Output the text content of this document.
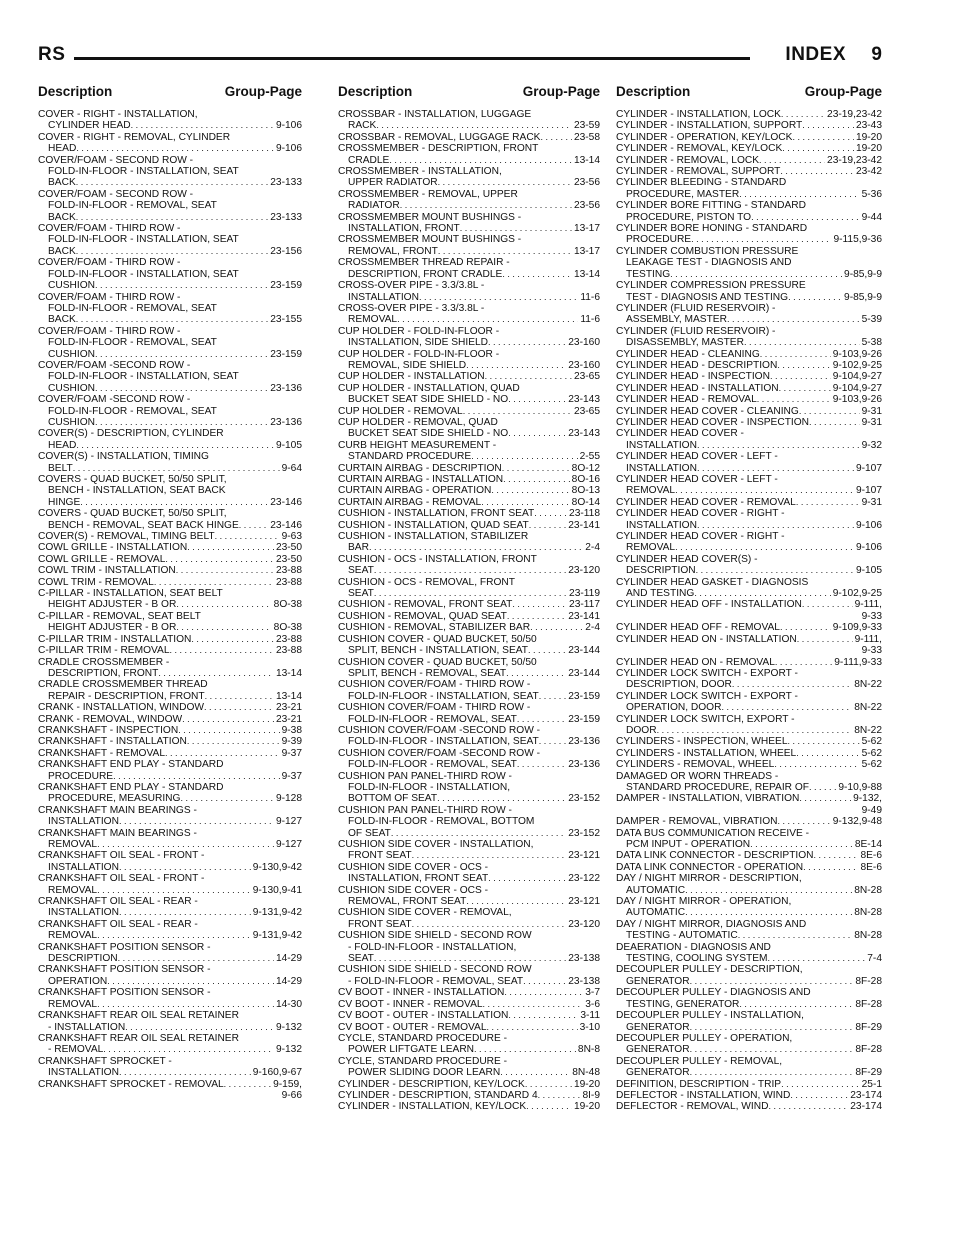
RS	INDEX 9
Description	Group-Page
COVER - RIGHT - INSTALLATION,
CYLINDER HEAD . . .	9-106
COVER - RIGHT - REMOVAL, CYLINDER
HEAD . . .	9-106
COVER/FOAM - SECOND ROW -
FOLD-IN-FLOOR - INSTALLATION, SEAT
BACK . . .	23-133
COVER/FOAM - SECOND ROW -
FOLD-IN-FLOOR - REMOVAL, SEAT
BACK . . .	23-133
COVER/FOAM - THIRD ROW -
FOLD-IN-FLOOR - INSTALLATION, SEAT
BACK . . .	23-156
COVER/FOAM - THIRD ROW -
FOLD-IN-FLOOR - INSTALLATION, SEAT
CUSHION . . .	23-159
COVER/FOAM - THIRD ROW -
FOLD-IN-FLOOR - REMOVAL, SEAT
BACK . . .	23-155
COVER/FOAM - THIRD ROW -
FOLD-IN-FLOOR - REMOVAL, SEAT
CUSHION . . .	23-159
COVER/FOAM -SECOND ROW -
FOLD-IN-FLOOR - INSTALLATION, SEAT
CUSHION . . .	23-136
COVER/FOAM -SECOND ROW -
FOLD-IN-FLOOR - REMOVAL, SEAT
CUSHION . . .	23-136
COVER(S) - DESCRIPTION, CYLINDER
HEAD . . .	9-105
COVER(S) - INSTALLATION, TIMING
BELT . . .	9-64
COVERS - QUAD BUCKET, 50/50 SPLIT,
BENCH - INSTALLATION, SEAT BACK
HINGE . . .	23-146
COVERS - QUAD BUCKET, 50/50 SPLIT,
BENCH - REMOVAL, SEAT BACK HINGE . . .	23-146
COVER(S) - REMOVAL, TIMING BELT . . .	9-63
COWL GRILLE - INSTALLATION . . .	23-50
COWL GRILLE - REMOVAL . . .	23-50
COWL TRIM - INSTALLATION . . .	23-88
COWL TRIM - REMOVAL . . .	23-88
C-PILLAR - INSTALLATION, SEAT BELT
HEIGHT ADJUSTER - B OR . . .	8O-38
C-PILLAR - REMOVAL, SEAT BELT
HEIGHT ADJUSTER - B OR . . .	8O-38
C-PILLAR TRIM - INSTALLATION . . .	23-88
C-PILLAR TRIM - REMOVAL . . .	23-88
CRADLE CROSSMEMBER -
DESCRIPTION, FRONT . . .	13-14
CRADLE CROSSMEMBER THREAD
REPAIR - DESCRIPTION, FRONT . . .	13-14
CRANK - INSTALLATION, WINDOW . . .	23-21
CRANK - REMOVAL, WINDOW . . .	23-21
CRANKSHAFT - INSPECTION . . .	9-38
CRANKSHAFT - INSTALLATION . . .	9-39
CRANKSHAFT - REMOVAL . . .	9-37
CRANKSHAFT END PLAY - STANDARD
PROCEDURE . . .	9-37
CRANKSHAFT END PLAY - STANDARD
PROCEDURE, MEASURING . . .	9-128
CRANKSHAFT MAIN BEARINGS -
INSTALLATION . . .	9-127
CRANKSHAFT MAIN BEARINGS -
REMOVAL . . .	9-127
CRANKSHAFT OIL SEAL - FRONT -
INSTALLATION . . .	9-130,9-42
CRANKSHAFT OIL SEAL - FRONT -
REMOVAL . . .	9-130,9-41
CRANKSHAFT OIL SEAL - REAR -
INSTALLATION . . .	9-131,9-42
CRANKSHAFT OIL SEAL - REAR -
REMOVAL . . .	9-131,9-42
CRANKSHAFT POSITION SENSOR -
DESCRIPTION . . .	14-29
CRANKSHAFT POSITION SENSOR -
OPERATION . . .	14-29
CRANKSHAFT POSITION SENSOR -
REMOVAL . . .	14-30
CRANKSHAFT REAR OIL SEAL RETAINER
- INSTALLATION . . .	9-132
CRANKSHAFT REAR OIL SEAL RETAINER
- REMOVAL . . .	9-132
CRANKSHAFT SPROCKET -
INSTALLATION . . .	9-160,9-67
CRANKSHAFT SPROCKET - REMOVAL . . .	9-159,
9-66
Description	Group-Page
CROSSBAR - INSTALLATION, LUGGAGE
RACK . . .	23-59
CROSSBAR - REMOVAL, LUGGAGE RACK . . .	23-58
CROSSMEMBER - DESCRIPTION, FRONT
CRADLE . . .	13-14
CROSSMEMBER - INSTALLATION,
UPPER RADIATOR . . .	23-56
CROSSMEMBER - REMOVAL, UPPER
RADIATOR . . .	23-56
CROSSMEMBER MOUNT BUSHINGS -
INSTALLATION, FRONT . . .	13-17
CROSSMEMBER MOUNT BUSHINGS -
REMOVAL, FRONT . . .	13-17
CROSSMEMBER THREAD REPAIR -
DESCRIPTION, FRONT CRADLE . . .	13-14
CROSS-OVER PIPE - 3.3/3.8L -
INSTALLATION . . .	11-6
CROSS-OVER PIPE - 3.3/3.8L -
REMOVAL . . .	11-6
CUP HOLDER - FOLD-IN-FLOOR -
INSTALLATION, SIDE SHIELD . . .	23-160
CUP HOLDER - FOLD-IN-FLOOR -
REMOVAL, SIDE SHIELD . . .	23-160
CUP HOLDER - INSTALLATION . . .	23-65
CUP HOLDER - INSTALLATION, QUAD
BUCKET SEAT SIDE SHIELD - NO . . .	23-143
CUP HOLDER - REMOVAL . . .	23-65
CUP HOLDER - REMOVAL, QUAD
BUCKET SEAT SIDE SHIELD - NO . . .	23-143
CURB HEIGHT MEASUREMENT -
STANDARD PROCEDURE . . .	2-55
CURTAIN AIRBAG - DESCRIPTION . . .	8O-12
CURTAIN AIRBAG - INSTALLATION . . .	8O-16
CURTAIN AIRBAG - OPERATION . . .	8O-13
CURTAIN AIRBAG - REMOVAL . . .	8O-14
CUSHION - INSTALLATION, FRONT SEAT . . .	23-118
CUSHION - INSTALLATION, QUAD SEAT . . .	23-141
CUSHION - INSTALLATION, STABILIZER
BAR . . .	2-4
CUSHION - OCS - INSTALLATION, FRONT
SEAT . . .	23-120
CUSHION - OCS - REMOVAL, FRONT
SEAT . . .	23-119
CUSHION - REMOVAL, FRONT SEAT . . .	23-117
CUSHION - REMOVAL, QUAD SEAT . . .	23-141
CUSHION - REMOVAL, STABILIZER BAR . . .	2-4
CUSHION COVER - QUAD BUCKET, 50/50
SPLIT, BENCH - INSTALLATION, SEAT . . .	23-144
CUSHION COVER - QUAD BUCKET, 50/50
SPLIT, BENCH - REMOVAL, SEAT . . .	23-144
CUSHION COVER/FOAM - THIRD ROW -
FOLD-IN-FLOOR - INSTALLATION, SEAT . . .	23-159
CUSHION COVER/FOAM - THIRD ROW -
FOLD-IN-FLOOR - REMOVAL, SEAT . . .	23-159
CUSHION COVER/FOAM -SECOND ROW -
FOLD-IN-FLOOR - INSTALLATION, SEAT . . .	23-136
CUSHION COVER/FOAM -SECOND ROW -
FOLD-IN-FLOOR - REMOVAL, SEAT . . .	23-136
CUSHION PAN PANEL-THIRD ROW -
FOLD-IN-FLOOR - INSTALLATION,
BOTTOM OF SEAT . . .	23-152
CUSHION PAN PANEL-THIRD ROW -
FOLD-IN-FLOOR - REMOVAL, BOTTOM
OF SEAT . . .	23-152
CUSHION SIDE COVER - INSTALLATION,
FRONT SEAT . . .	23-121
CUSHION SIDE COVER - OCS -
INSTALLATION, FRONT SEAT . . .	23-122
CUSHION SIDE COVER - OCS -
REMOVAL, FRONT SEAT . . .	23-121
CUSHION SIDE COVER - REMOVAL,
FRONT SEAT . . .	23-120
CUSHION SIDE SHIELD - SECOND ROW
- FOLD-IN-FLOOR - INSTALLATION,
SEAT . . .	23-138
CUSHION SIDE SHIELD - SECOND ROW
- FOLD-IN-FLOOR - REMOVAL, SEAT . . .	23-138
CV BOOT - INNER - INSTALLATION . . .	3-7
CV BOOT - INNER - REMOVAL . . .	3-6
CV BOOT - OUTER - INSTALLATION . . .	3-11
CV BOOT - OUTER - REMOVAL . . .	3-10
CYCLE, STANDARD PROCEDURE -
POWER LIFTGATE LEARN . . .	8N-8
CYCLE, STANDARD PROCEDURE -
POWER SLIDING DOOR LEARN . . .	8N-48
CYLINDER - DESCRIPTION, KEY/LOCK . . .	19-20
CYLINDER - DESCRIPTION, STANDARD 4 . . .	8I-9
CYLINDER - INSTALLATION, KEY/LOCK . . .	19-20
Description	Group-Page
CYLINDER - INSTALLATION, LOCK . . .	23-19,23-42
CYLINDER - INSTALLATION, SUPPORT . . .	23-43
CYLINDER - OPERATION, KEY/LOCK . . .	19-20
CYLINDER - REMOVAL, KEY/LOCK . . .	19-20
CYLINDER - REMOVAL, LOCK . . .	23-19,23-42
CYLINDER - REMOVAL, SUPPORT . . .	23-42
CYLINDER BLEEDING - STANDARD
PROCEDURE, MASTER . . .	5-36
CYLINDER BORE FITTING - STANDARD
PROCEDURE, PISTON TO . . .	9-44
CYLINDER BORE HONING - STANDARD
PROCEDURE . . .	9-115,9-36
CYLINDER COMBUSTION PRESSURE
LEAKAGE TEST - DIAGNOSIS AND
TESTING . . .	9-85,9-9
CYLINDER COMPRESSION PRESSURE
TEST - DIAGNOSIS AND TESTING . . .	9-85,9-9
CYLINDER (FLUID RESERVOIR) -
ASSEMBLY, MASTER . . .	5-39
CYLINDER (FLUID RESERVOIR) -
DISASSEMBLY, MASTER . . .	5-38
CYLINDER HEAD - CLEANING . . .	9-103,9-26
CYLINDER HEAD - DESCRIPTION . . .	9-102,9-25
CYLINDER HEAD - INSPECTION . . .	9-104,9-27
CYLINDER HEAD - INSTALLATION . . .	9-104,9-27
CYLINDER HEAD - REMOVAL . . .	9-103,9-26
CYLINDER HEAD COVER - CLEANING . . .	9-31
CYLINDER HEAD COVER - INSPECTION . . .	9-31
CYLINDER HEAD COVER -
INSTALLATION . . .	9-32
CYLINDER HEAD COVER - LEFT -
INSTALLATION . . .	9-107
CYLINDER HEAD COVER - LEFT -
REMOVAL . . .	9-107
CYLINDER HEAD COVER - REMOVAL . . .	9-31
CYLINDER HEAD COVER - RIGHT -
INSTALLATION . . .	9-106
CYLINDER HEAD COVER - RIGHT -
REMOVAL . . .	9-106
CYLINDER HEAD COVER(S) -
DESCRIPTION . . .	9-105
CYLINDER HEAD GASKET - DIAGNOSIS
AND TESTING . . .	9-102,9-25
CYLINDER HEAD OFF - INSTALLATION . . .	9-111,
9-33
CYLINDER HEAD OFF - REMOVAL . . .	9-109,9-33
CYLINDER HEAD ON - INSTALLATION . . .	9-111,
9-33
CYLINDER HEAD ON - REMOVAL . . .	9-111,9-33
CYLINDER LOCK SWITCH - EXPORT -
DESCRIPTION, DOOR . . .	8N-22
CYLINDER LOCK SWITCH - EXPORT -
OPERATION, DOOR . . .	8N-22
CYLINDER LOCK SWITCH, EXPORT -
DOOR . . .	8N-22
CYLINDERS - INSPECTION, WHEEL . . .	5-62
CYLINDERS - INSTALLATION, WHEEL . . .	5-62
CYLINDERS - REMOVAL, WHEEL . . .	5-62
DAMAGED OR WORN THREADS -
STANDARD PROCEDURE, REPAIR OF . . .	9-10,9-88
DAMPER - INSTALLATION, VIBRATION . . .	9-132,
9-49
DAMPER - REMOVAL, VIBRATION . . .	9-132,9-48
DATA BUS COMMUNICATION RECEIVE -
PCM INPUT - OPERATION . . .	8E-14
DATA LINK CONNECTOR - DESCRIPTION . . .	8E-6
DATA LINK CONNECTOR - OPERATION . . .	8E-6
DAY / NIGHT MIRROR - DESCRIPTION,
AUTOMATIC . . .	8N-28
DAY / NIGHT MIRROR - OPERATION,
AUTOMATIC . . .	8N-28
DAY / NIGHT MIRROR, DIAGNOSIS AND
TESTING - AUTOMATIC . . .	8N-28
DEAERATION - DIAGNOSIS AND
TESTING, COOLING SYSTEM . . .	7-4
DECOUPLER PULLEY - DESCRIPTION,
GENERATOR . . .	8F-28
DECOUPLER PULLEY - DIAGNOSIS AND
TESTING, GENERATOR . . .	8F-28
DECOUPLER PULLEY - INSTALLATION,
GENERATOR . . .	8F-29
DECOUPLER PULLEY - OPERATION,
GENERATOR . . .	8F-28
DECOUPLER PULLEY - REMOVAL,
GENERATOR . . .	8F-29
DEFINITION, DESCRIPTION - TRIP . . .	25-1
DEFLECTOR - INSTALLATION, WIND . . .	23-174
DEFLECTOR - REMOVAL, WIND . . .	23-174
